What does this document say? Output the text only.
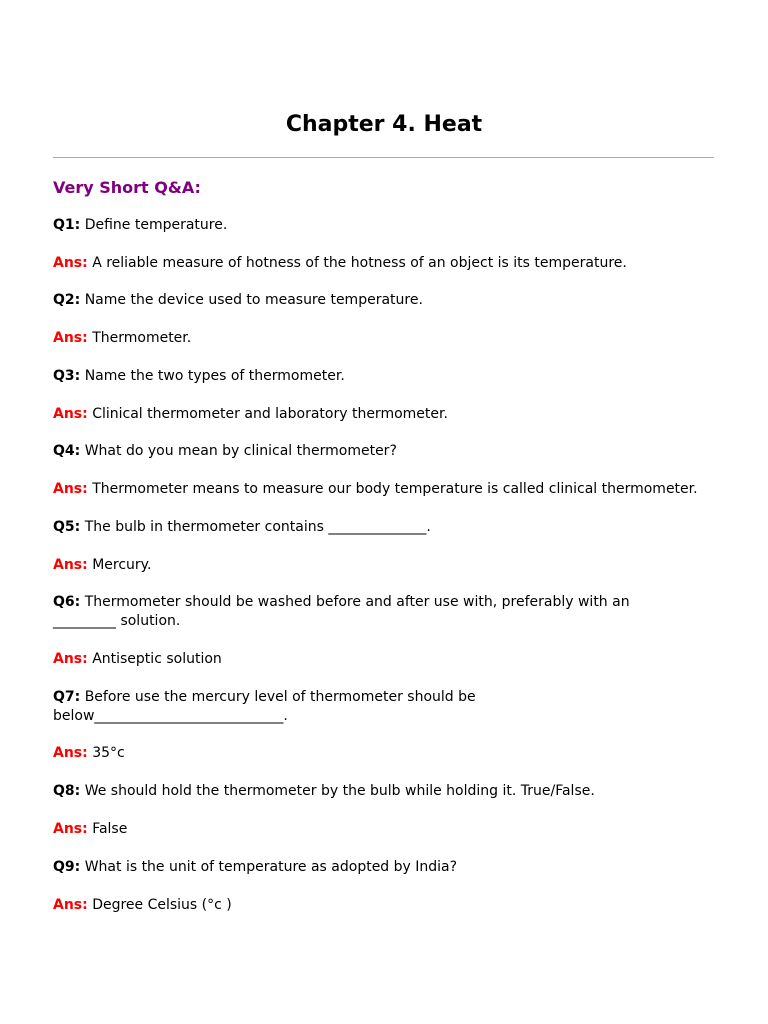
Chapter 4. Heat
Very Short Q&A:

Q1: Define temperature.

Ans: A reliable measure of hotness of the hotness of an object is its temperature.

Q2: Name the device used to measure temperature.

Ans: Thermometer.

Q3: Name the two types of thermometer.

Ans: Clinical thermometer and laboratory thermometer.

Q4: What do you mean by clinical thermometer?

Ans: Thermometer means to measure our body temperature is called clinical thermometer.

Q5: The bulb in thermometer contains ______________.

Ans: Mercury.

Q6: Thermometer should be washed before and after use with, preferably with an _________ solution.

Ans: Antiseptic solution

Q7: Before use the mercury level of thermometer should be below___________________________.

Ans: 35°c

Q8: We should hold the thermometer by the bulb while holding it. True/False.

Ans: False

Q9: What is the unit of temperature as adopted by India?

Ans: Degree Celsius (°c )
